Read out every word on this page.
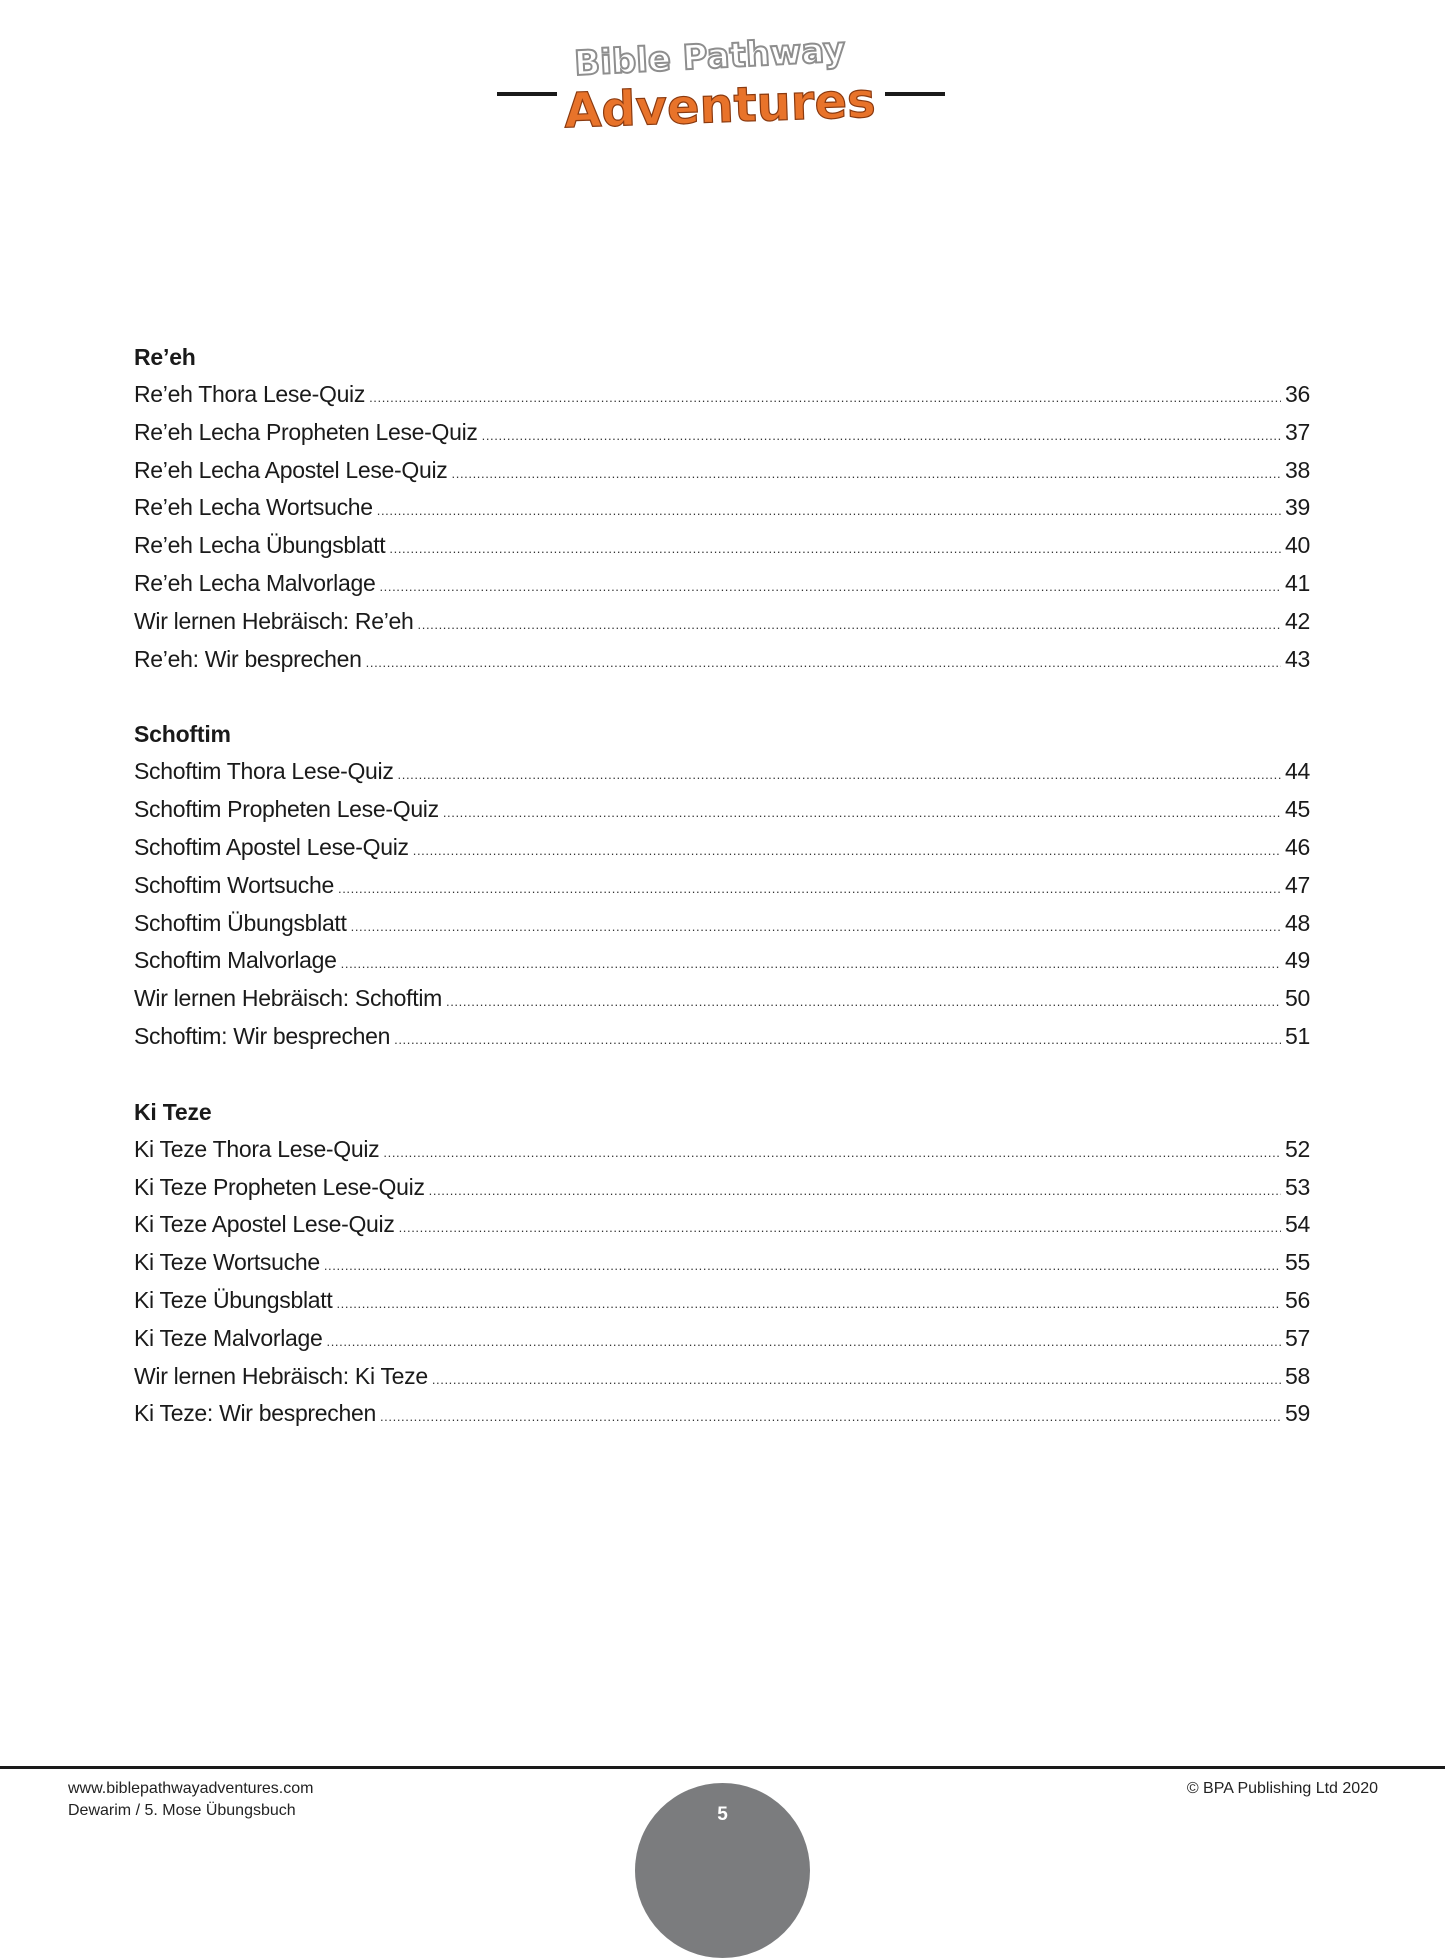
Bible Pathway
Adventures
Re’eh
Re’eh Thora Lese-Quiz .....	36
Re’eh Lecha Propheten Lese-Quiz .....	37
Re’eh Lecha Apostel Lese-Quiz .....	38
Re’eh Lecha Wortsuche .....	39
Re’eh Lecha Übungsblatt .....	40
Re’eh Lecha Malvorlage .....	41
Wir lernen Hebräisch: Re’eh .....	42
Re’eh: Wir besprechen .....	43
Schoftim
Schoftim Thora Lese-Quiz .....	44
Schoftim Propheten Lese-Quiz .....	45
Schoftim Apostel Lese-Quiz .....	46
Schoftim Wortsuche .....	47
Schoftim Übungsblatt .....	48
Schoftim Malvorlage .....	49
Wir lernen Hebräisch: Schoftim .....	50
Schoftim: Wir besprechen .....	51
Ki Teze
Ki Teze Thora Lese-Quiz .....	52
Ki Teze Propheten Lese-Quiz .....	53
Ki Teze Apostel Lese-Quiz .....	54
Ki Teze Wortsuche .....	55
Ki Teze Übungsblatt .....	56
Ki Teze Malvorlage .....	57
Wir lernen Hebräisch: Ki Teze .....	58
Ki Teze: Wir besprechen .....	59
www.biblepathwayadventures.com
Dewarim / 5. Mose Übungsbuch
© BPA Publishing Ltd 2020
5
